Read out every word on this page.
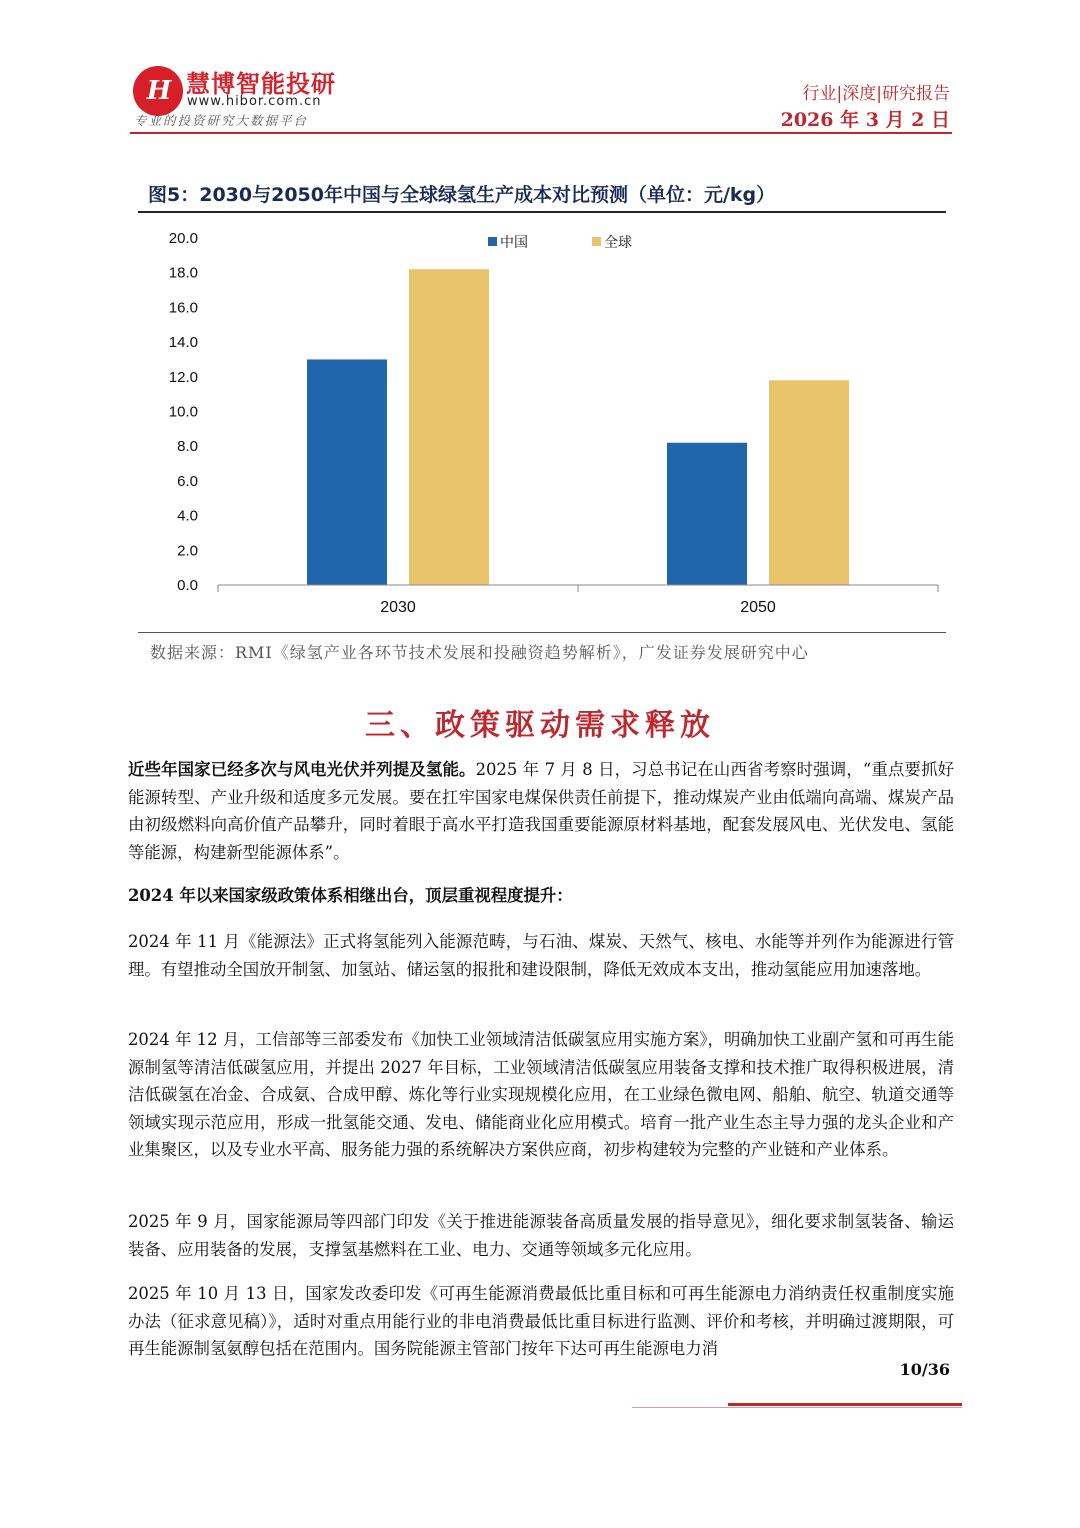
H 慧博智能投研
www.hibor.com.cn
专业的投资研究大数据平台
行业|深度|研究报告
2026 年 3 月 2 日
图5：2030与2050年中国与全球绿氢生产成本对比预测（单位：元/kg）
0.0
2.0
4.0
6.0
8.0
10.0
12.0
14.0
16.0
18.0
20.0
2030	2050
中国	全球
数据来源：RMI《绿氢产业各环节技术发展和投融资趋势解析》，广发证券发展研究中心
三、政策驱动需求释放
近些年国家已经多次与风电光伏并列提及氢能。2025 年 7 月 8 日，习总书记在山西省考察时强调，“重点要抓好能源转型、产业升级和适度多元发展。要在扛牢国家电煤保供责任前提下，推动煤炭产业由低端向高端、煤炭产品由初级燃料向高价值产品攀升，同时着眼于高水平打造我国重要能源原材料基地，配套发展风电、光伏发电、氢能等能源，构建新型能源体系”。
2024 年以来国家级政策体系相继出台，顶层重视程度提升：
2024 年 11 月《能源法》正式将氢能列入能源范畴，与石油、煤炭、天然气、核电、水能等并列作为能源进行管理。有望推动全国放开制氢、加氢站、储运氢的报批和建设限制，降低无效成本支出，推动氢能应用加速落地。
2024 年 12 月，工信部等三部委发布《加快工业领域清洁低碳氢应用实施方案》，明确加快工业副产氢和可再生能源制氢等清洁低碳氢应用，并提出 2027 年目标，工业领域清洁低碳氢应用装备支撑和技术推广取得积极进展，清洁低碳氢在冶金、合成氨、合成甲醇、炼化等行业实现规模化应用，在工业绿色微电网、船舶、航空、轨道交通等领域实现示范应用，形成一批氢能交通、发电、储能商业化应用模式。培育一批产业生态主导力强的龙头企业和产业集聚区，以及专业水平高、服务能力强的系统解决方案供应商，初步构建较为完整的产业链和产业体系。
2025 年 9 月，国家能源局等四部门印发《关于推进能源装备高质量发展的指导意见》，细化要求制氢装备、输运装备、应用装备的发展，支撑氢基燃料在工业、电力、交通等领域多元化应用。
2025 年 10 月 13 日，国家发改委印发《可再生能源消费最低比重目标和可再生能源电力消纳责任权重制度实施办法（征求意见稿）》，适时对重点用能行业的非电消费最低比重目标进行监测、评价和考核，并明确过渡期限，可再生能源制氢氨醇包括在范围内。国务院能源主管部门按年下达可再生能源电力消
10/36
